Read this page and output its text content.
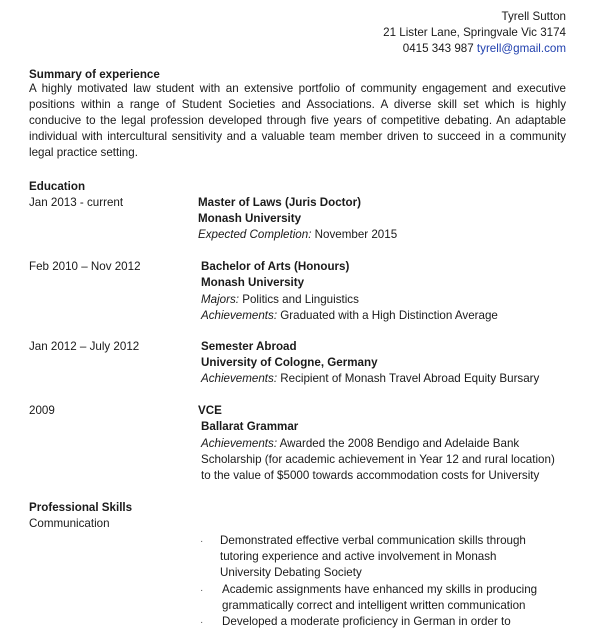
Tyrell Sutton
21 Lister Lane, Springvale Vic 3174
0415 343 987 tyrell@gmail.com
Summary of experience
A highly motivated law student with an extensive portfolio of community engagement and executive positions within a range of Student Societies and Associations. A diverse skill set which is highly conducive to the legal profession developed through five years of competitive debating. An adaptable individual with intercultural sensitivity and a valuable team member driven to succeed in a community legal practice setting.
Education
Jan 2013 - current	Master of Laws (Juris Doctor)
Monash University
Expected Completion: November 2015
Feb 2010 – Nov 2012	Bachelor of Arts (Honours)
Monash University
Majors: Politics and Linguistics
Achievements: Graduated with a High Distinction Average
Jan 2012 – July 2012	Semester Abroad
University of Cologne, Germany
Achievements: Recipient of Monash Travel Abroad Equity Bursary
2009	VCE
Ballarat Grammar
Achievements: Awarded the 2008 Bendigo and Adelaide Bank
Scholarship (for academic achievement in Year 12 and rural location)
to the value of $5000 towards accommodation costs for University
Professional Skills
Communication
· Demonstrated effective verbal communication skills through
tutoring experience and active involvement in Monash
University Debating Society
· Academic assignments have enhanced my skills in producing
grammatically correct and intelligent written communication
· Developed a moderate proficiency in German in order to
